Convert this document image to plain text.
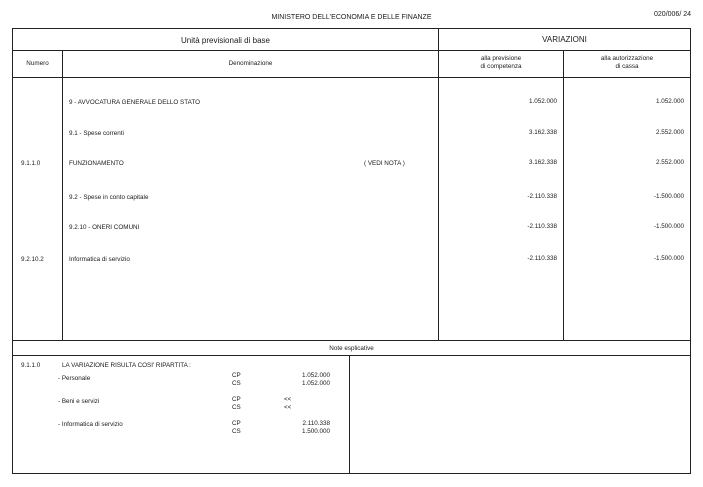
MINISTERO DELL'ECONOMIA E DELLE FINANZE	020/006/ 24
Unità previsionali di base	VARIAZIONI
Numero	Denominazione
alla previsione
di competenza
alla autorizzazione
di cassa
9 - AVVOCATURA GENERALE DELLO STATO	1.052.000	1.052.000
9.1 - Spese correnti	3.162.338	2.552.000
9.1.1.0	FUNZIONAMENTO	( VEDI NOTA )	3.162.338	2.552.000
9.2 - Spese in conto capitale	-2.110.338	-1.500.000
9.2.10 - ONERI COMUNI	-2.110.338	-1.500.000
9.2.10.2	Informatica di servizio	-2.110.338	-1.500.000
Note esplicative
9.1.1.0	LA VARIAZIONE RISULTA COSI' RIPARTITA :
- Personale	CP	1.052.000
CS	1.052.000
- Beni e servizi	CP	<<
CS	<<
- Informatica di servizio	CP	2.110.338
CS	1.500.000
